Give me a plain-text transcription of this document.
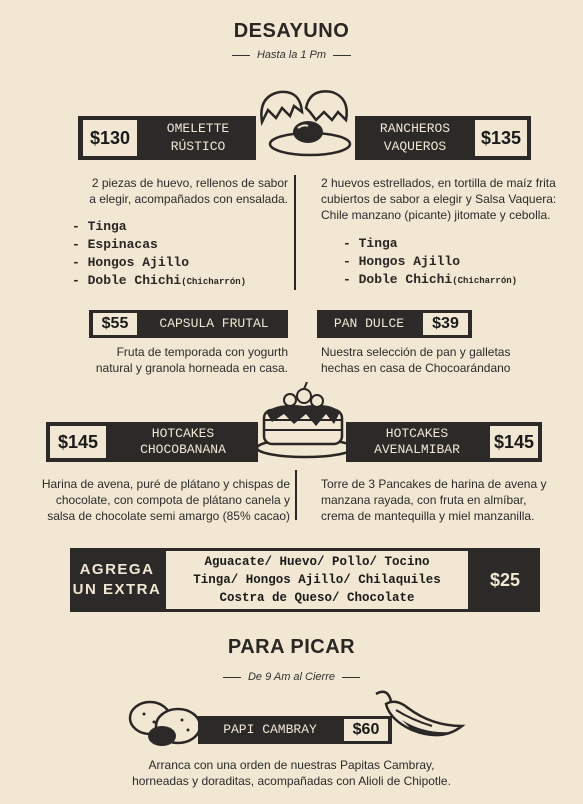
DESAYUNO
Hasta la 1 Pm
$130	OMELETTE
RÚSTICO
RANCHEROS
VAQUEROS	$135
2 piezas de huevo, rellenos de sabor
a elegir, acompañados con ensalada.
- Tinga
- Espinacas
- Hongos Ajillo
- Doble Chichi(Chicharrón)
2 huevos estrellados, en tortilla de maíz frita
cubiertos de sabor a elegir y Salsa Vaquera:
Chile manzano (picante) jitomate y cebolla.
- Tinga
- Hongos Ajillo
- Doble Chichi(Chicharrón)
$55	CAPSULA FRUTAL
Fruta de temporada con yogurth
natural y granola horneada en casa.
PAN DULCE	$39
Nuestra selección de pan y galletas
hechas en casa de Chocoarándano
$145	HOTCAKES
CHOCOBANANA
Harina de avena, puré de plátano y chispas de
chocolate, con compota de plátano canela y
salsa de chocolate semi amargo (85% cacao)
HOTCAKES
AVENALMIBAR $145
Torre de 3 Pancakes de harina de avena y
manzana rayada, con fruta en almíbar,
crema de mantequilla y miel manzanilla.
AGREGA
UN EXTRA
Aguacate/ Huevo/ Pollo/ Tocino
Tinga/ Hongos Ajillo/ Chilaquiles
Costra de Queso/ Chocolate
$25
PARA PICAR
De 9 Am al Cierre
PAPI CAMBRAY	$60
Arranca con una orden de nuestras Papitas Cambray,
horneadas y doraditas, acompañadas con Alioli de Chipotle.
